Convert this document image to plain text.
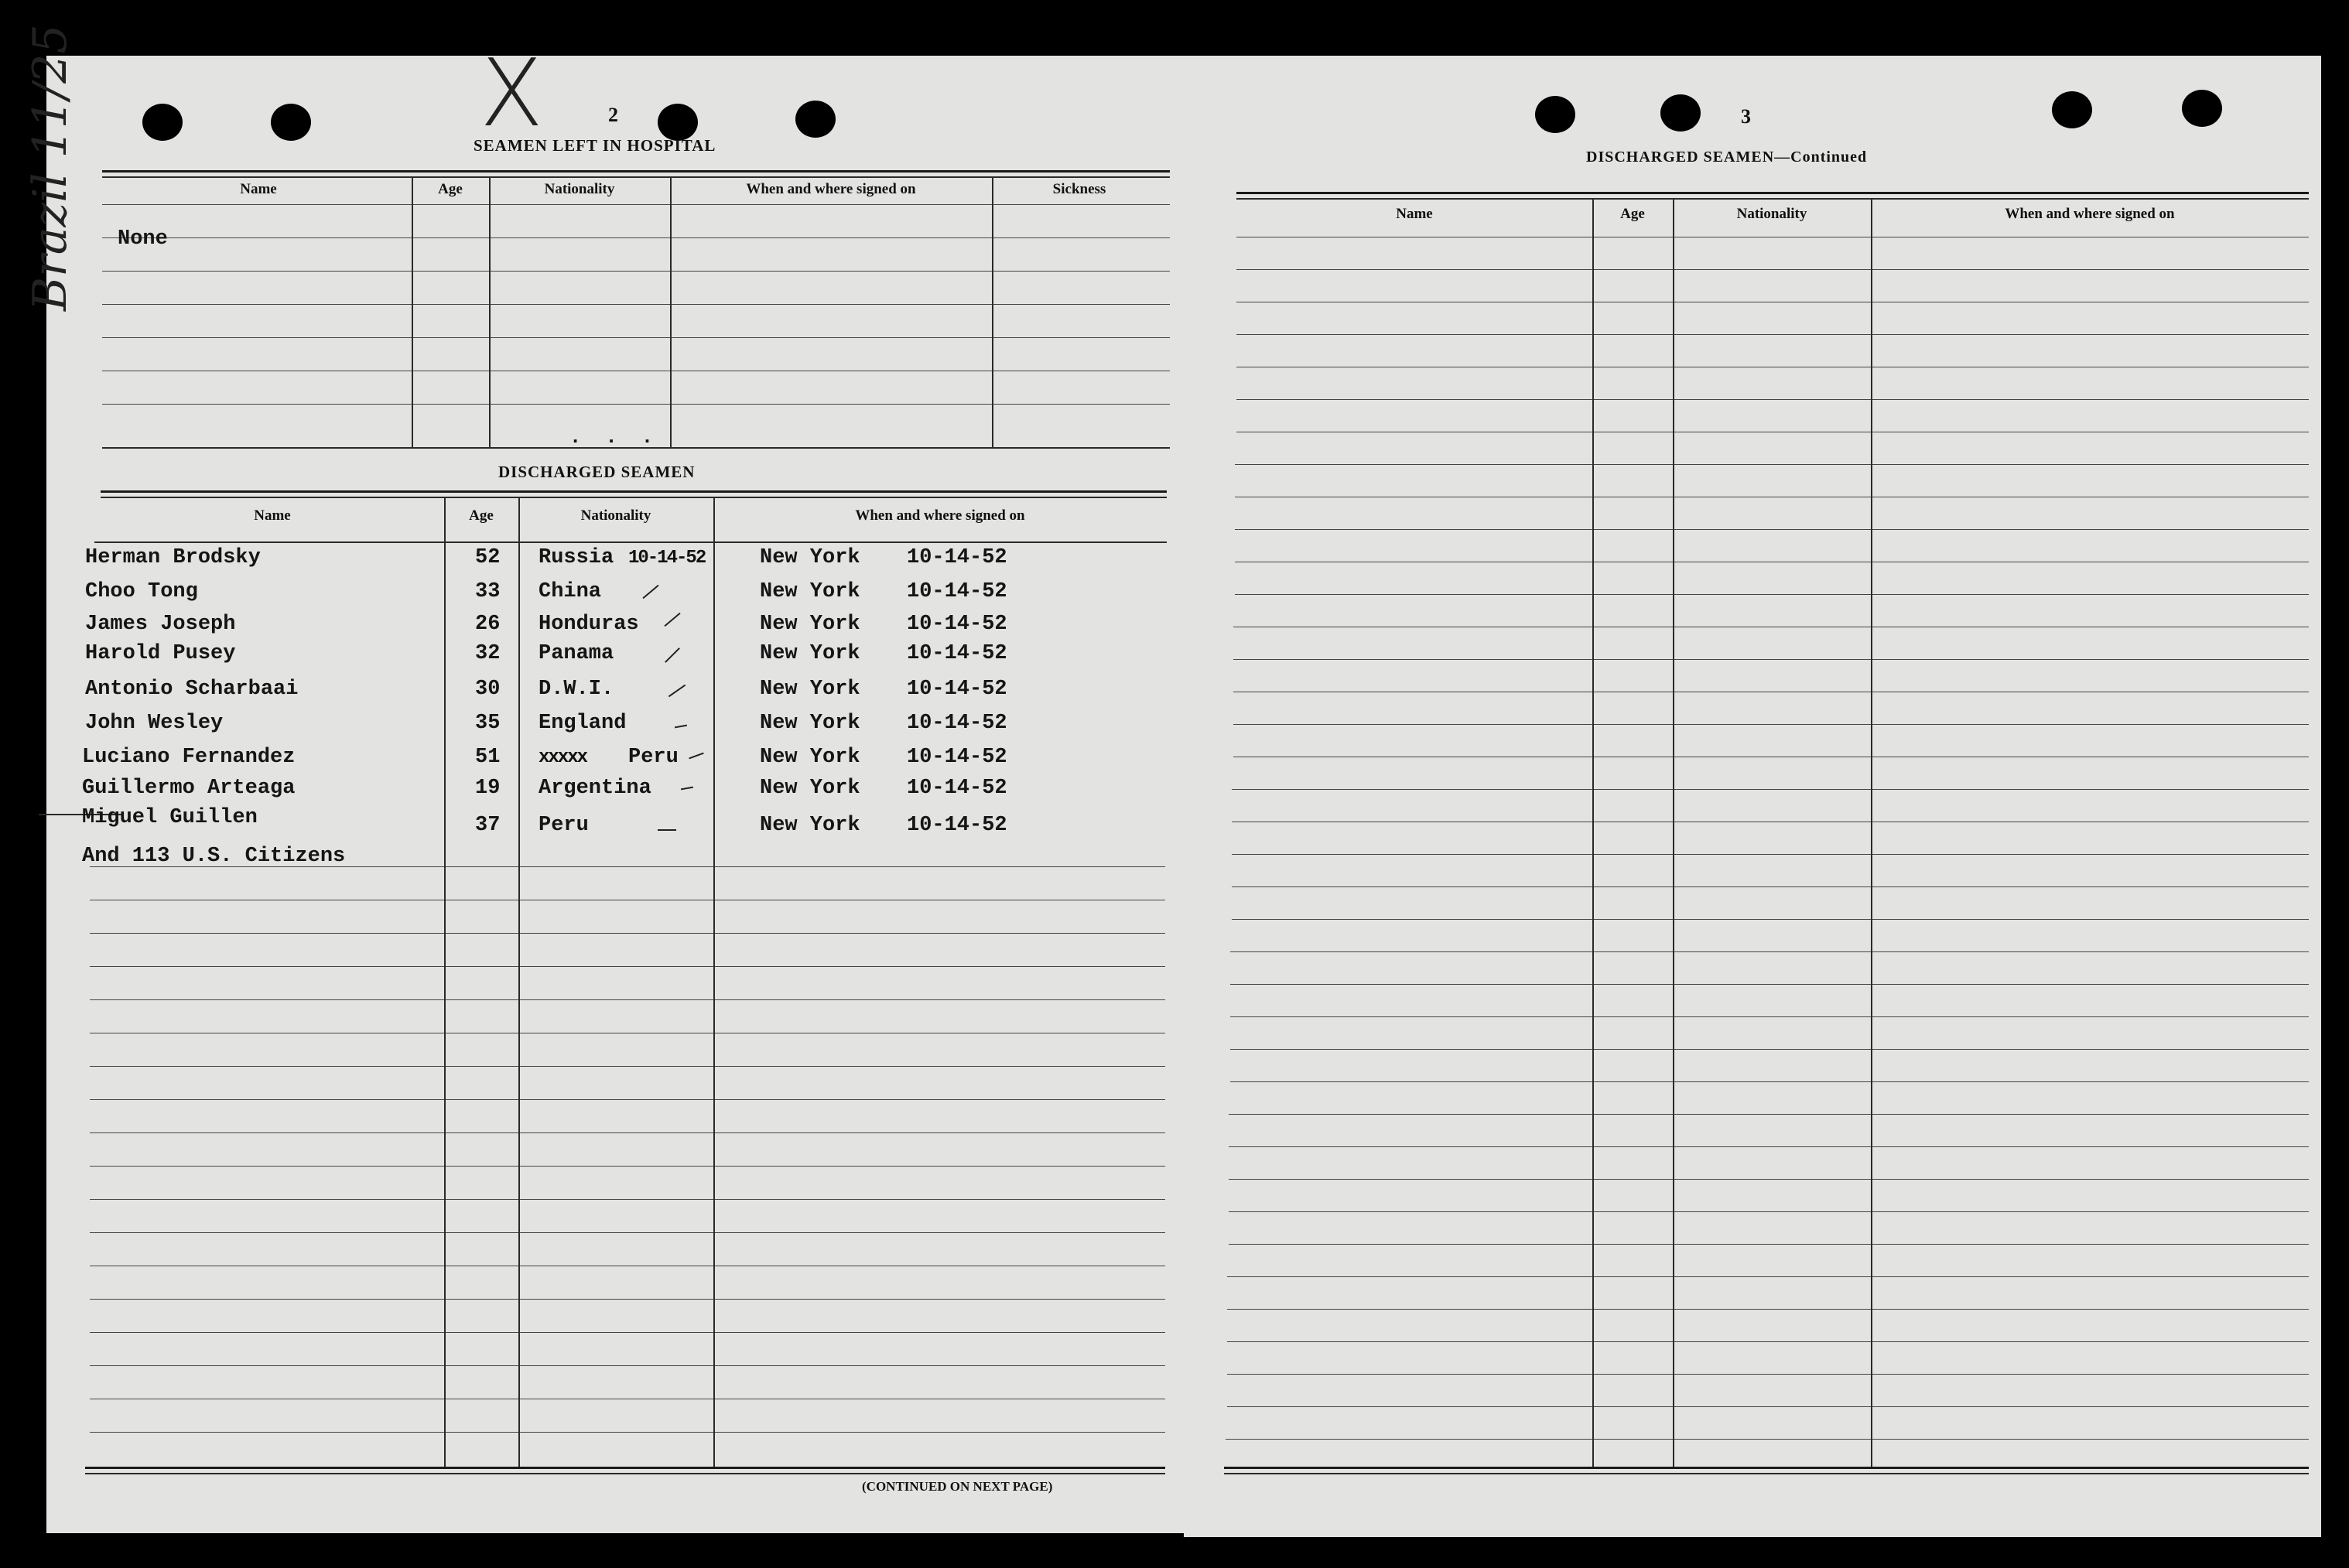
Brazil 11/25	X	2
SEAMEN LEFT IN HOSPITAL
Name	Age	Nationality	When and where signed on	Sickness
None
. . .
DISCHARGED SEAMEN
Name	Age	Nationality	When and where signed on
Herman Brodsky	52 Russia 10-14-52	New York 10-14-52
Choo Tong	33 China	New York 10-14-52
James Joseph	26 Honduras	New York 10-14-52
Harold Pusey	32 Panama	New York 10-14-52
Antonio Scharbaai	30 D.W.I.	New York 10-14-52
John Wesley	35 England	New York 10-14-52
Luciano Fernandez	51 xxxxx Peru	New York 10-14-52
Guillermo Arteaga	19 Argentina	New York 10-14-52
Miguel Guillen	37 Peru	New York 10-14-52
And 113 U.S. Citizens
(CONTINUED ON NEXT PAGE)
3
DISCHARGED SEAMEN—Continued
Name	Age	Nationality	When and where signed on
